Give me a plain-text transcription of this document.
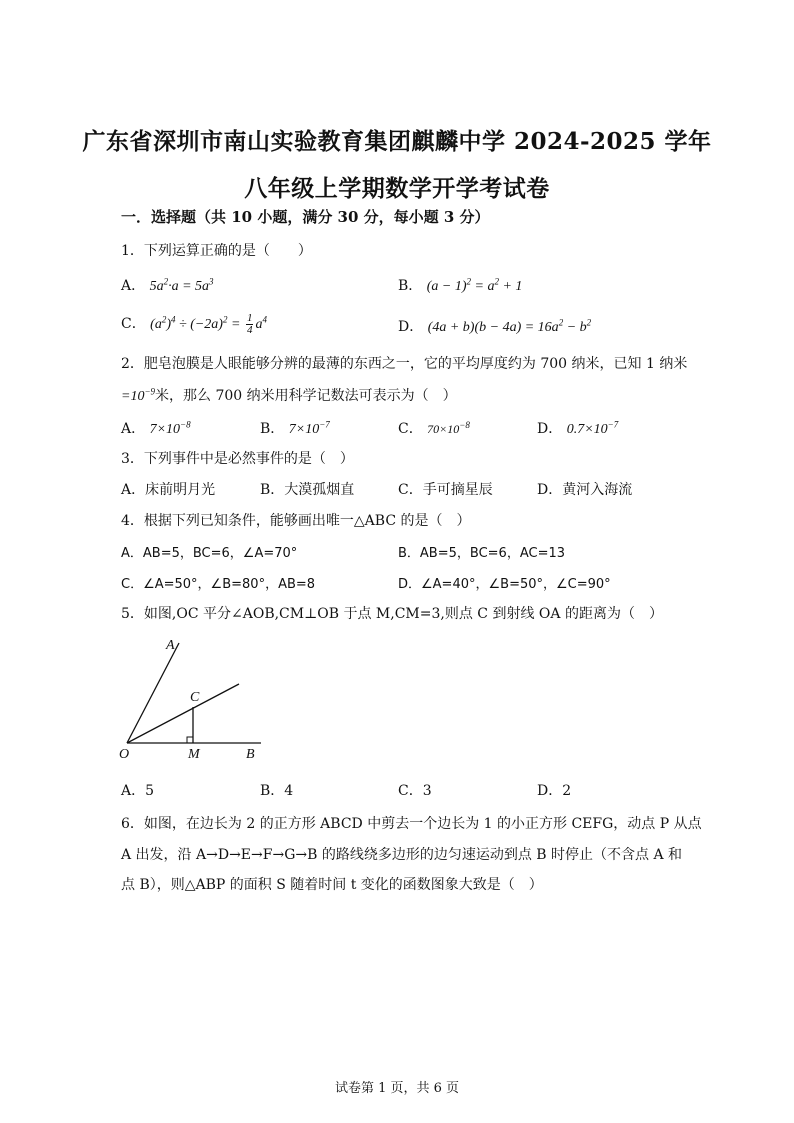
广东省深圳市南山实验教育集团麒麟中学 2024-2025 学年
八年级上学期数学开学考试卷
一．选择题（共 10 小题，满分 30 分，每小题 3 分）
1．下列运算正确的是（　　）
A． $5a^2\cdot a = 5a^3$	B． $(a - 1)^2 = a^2 + 1$
C． $(a^2)^4 \div (-2a)^2 = \frac{1}{4} a^4$	D． $(4a + b)(b - 4a) = 16a^2 - b^2$
2．肥皂泡膜是人眼能够分辨的最薄的东西之一，它的平均厚度约为 700 纳米，已知 1 纳米
$=10^{-9}$米，那么 700 纳米用科学记数法可表示为（　）
A． $7\times 10^{-8}$	B． $7\times 10^{-7}$	C． $70\times 10^{-8}$	D． $0.7\times 10^{-7}$
3．下列事件中是必然事件的是（　）
A．床前明月光	B．大漠孤烟直	C．手可摘星辰	D．黄河入海流
4．根据下列已知条件，能够画出唯一△ABC 的是（　）
A．AB=5，BC=6，∠A=70°	B．AB=5，BC=6，AC=13
C．∠A=50°，∠B=80°，AB=8	D．∠A=40°，∠B=50°，∠C=90°
5．如图,OC 平分∠AOB,CM⊥OB 于点 M,CM=3,则点 C 到射线 OA 的距离为（　）
A
C
O	M	B
A．5	B．4	C．3	D．2
6．如图，在边长为 2 的正方形 ABCD 中剪去一个边长为 1 的小正方形 CEFG，动点 P 从点
A 出发，沿 A→D→E→F→G→B 的路线绕多边形的边匀速运动到点 B 时停止（不含点 A 和
点 B），则△ABP 的面积 S 随着时间 t 变化的函数图象大致是（　）
试卷第 1 页，共 6 页
